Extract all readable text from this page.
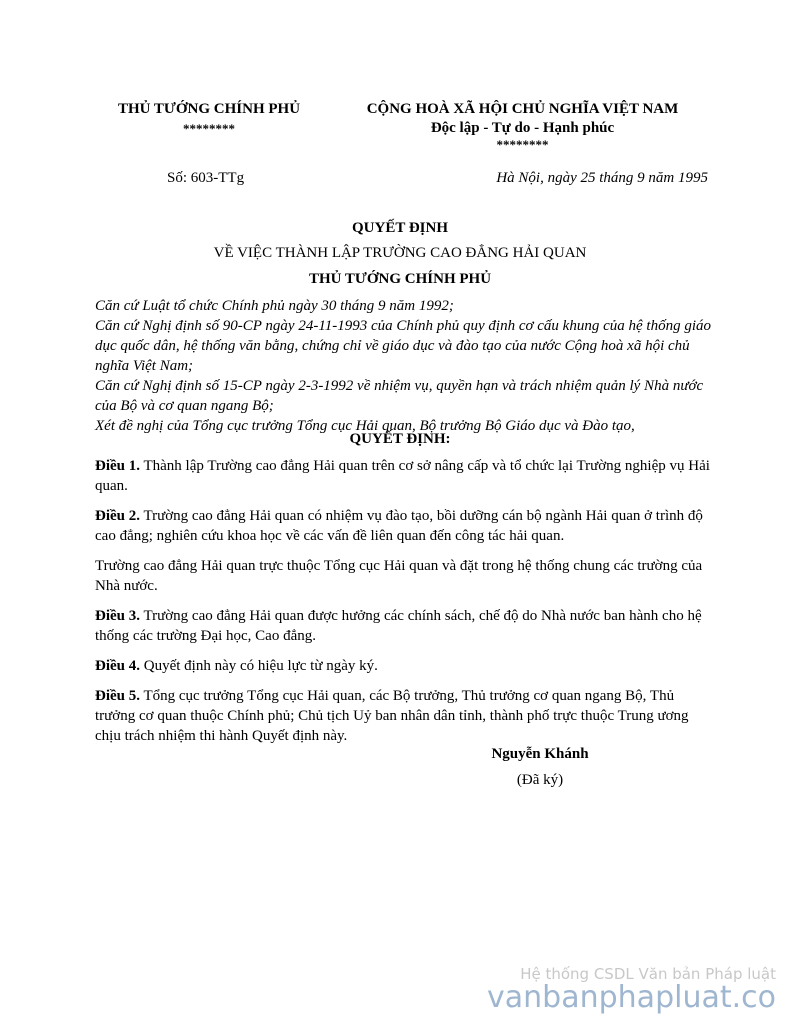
THỦ TƯỚNG CHÍNH PHỦ
********
CỘNG HOÀ XÃ HỘI CHỦ NGHĨA VIỆT NAM
Độc lập - Tự do - Hạnh phúc
********
Số: 603-TTg	Hà Nội, ngày 25 tháng 9 năm 1995
QUYẾT ĐỊNH
VỀ VIỆC THÀNH LẬP TRƯỜNG CAO ĐẲNG HẢI QUAN
THỦ TƯỚNG CHÍNH PHỦ

Căn cứ Luật tổ chức Chính phủ ngày 30 tháng 9 năm 1992;

Căn cứ Nghị định số 90-CP ngày 24-11-1993 của Chính phủ quy định cơ cấu khung của hệ thống giáo dục quốc dân, hệ thống văn bằng, chứng chỉ về giáo dục và đào tạo của nước Cộng hoà xã hội chủ nghĩa Việt Nam;

Căn cứ Nghị định số 15-CP ngày 2-3-1992 về nhiệm vụ, quyền hạn và trách nhiệm quản lý Nhà nước của Bộ và cơ quan ngang Bộ;

Xét đề nghị của Tổng cục trưởng Tổng cục Hải quan, Bộ trưởng Bộ Giáo dục và Đào tạo,

QUYẾT ĐỊNH:

Điều 1. Thành lập Trường cao đẳng Hải quan trên cơ sở nâng cấp và tổ chức lại Trường nghiệp vụ Hải quan.

Điều 2. Trường cao đẳng Hải quan có nhiệm vụ đào tạo, bồi dưỡng cán bộ ngành Hải quan ở trình độ cao đẳng; nghiên cứu khoa học về các vấn đề liên quan đến công tác hải quan.

Trường cao đẳng Hải quan trực thuộc Tổng cục Hải quan và đặt trong hệ thống chung các trường của Nhà nước.

Điều 3. Trường cao đẳng Hải quan được hưởng các chính sách, chế độ do Nhà nước ban hành cho hệ thống các trường Đại học, Cao đẳng.

Điều 4. Quyết định này có hiệu lực từ ngày ký.

Điều 5. Tổng cục trưởng Tổng cục Hải quan, các Bộ trưởng, Thủ trưởng cơ quan ngang Bộ, Thủ trưởng cơ quan thuộc Chính phủ; Chủ tịch Uỷ ban nhân dân tỉnh, thành phố trực thuộc Trung ương chịu trách nhiệm thi hành Quyết định này.

Nguyễn Khánh
(Đã ký)
Hệ thống CSDL Văn bản Pháp luật
vanbanphapluat.co
